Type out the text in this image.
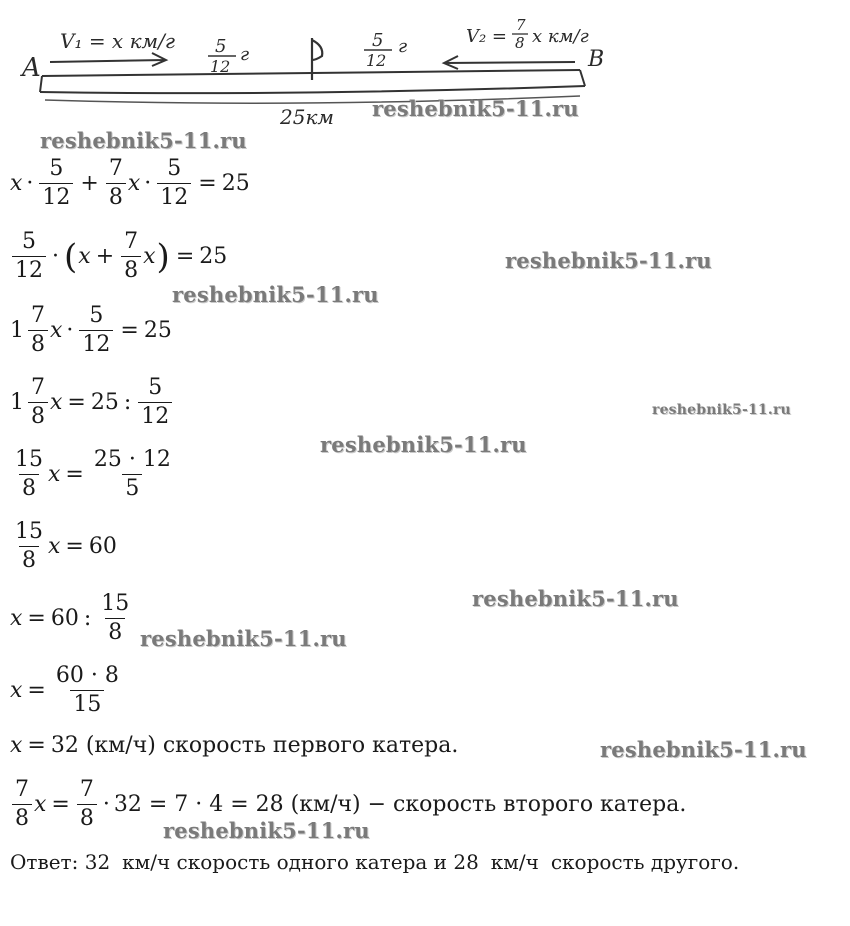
A
V₁ = x км/г 5
12
г
5
12
г	V₂ =
7
8 x км/г
B
25км reshebnik5-11.ru
reshebnik5-11.ru
reshebnik5-11.ru
reshebnik5-11.ru
reshebnik5-11.ru
reshebnik5-11.ru
reshebnik5-11.ru
reshebnik5-11.ru
reshebnik5-11.ru
reshebnik5-11.ru
$x \cdot \frac{5}{12} + \frac{7}{8}$ $x \cdot \frac{5}{12} = 25$
$\frac{5}{12}$ · ( $x + \frac{7}{8}$ x ) = 25
$1 \frac{7}{8}$ $x \cdot \frac{5}{12} = 25$
$1 \frac{7}{8}$ x = 25 : $\frac{5}{12}$
$\frac{15}{8}$ $x = \frac{25 \cdot 12}{5}$
$\frac{15}{8}$ x = 60
x = 60 : $\frac{15}{8}$
$x = \frac{60 \cdot 8}{15}$
x = 32 (км/ч) скорость первого катера.
$\frac{7}{8}$ $x = \frac{7}{8} \cdot 32 = 7 \cdot 4 = 28$ (км/ч) − скорость второго катера.
Ответ: 32 км/ч скорость одного катера и 28 км/ч скорость другого.
